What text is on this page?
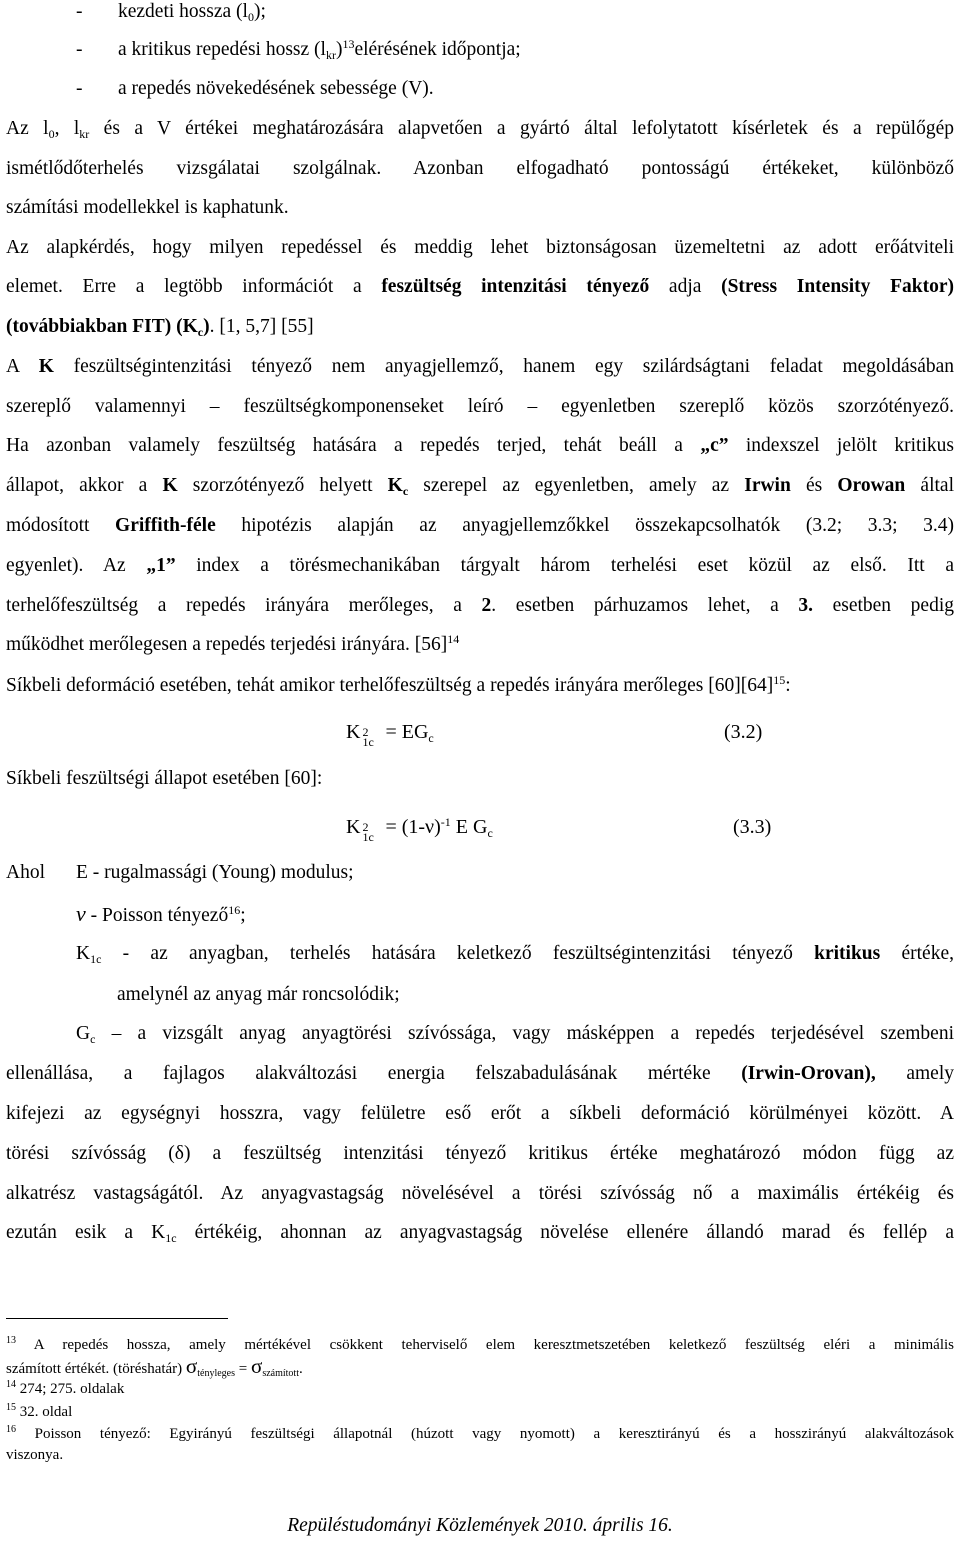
- kezdeti hossza $(l_0)$;
- a kritikus repedési hossz $(l_{kr})^{13}elérésének$ időpontja;
- a repedés növekedésének sebessége (V).
Az $l_0$, $l_{kr}$ és a V értékei meghatározására alapvetően a gyártó által lefolytatott kísérletek és a repülőgép
ismétlődőterhelés vizsgálatai szolgálnak. Azonban elfogadható pontosságú értékeket, különböző
számítási modellekkel is kaphatunk.
Az alapkérdés, hogy milyen repedéssel és meddig lehet biztonságosan üzemeltetni az adott erőátviteli
elemet. Erre a legtöbb információt a feszültség intenzitási tényező adja (Stress Intensity Faktor)
(továbbiakban FIT) $(K_c)$. [1, 5,7] [55]
A K feszültségintenzitási tényező nem anyagjellemző, hanem egy szilárdságtani feladat megoldásában
szereplő valamennyi – feszültségkomponenseket leíró – egyenletben szereplő közös szorzótényező.
Ha azonban valamely feszültség hatására a repedés terjed, tehát beáll a „c” indexszel jelölt kritikus
állapot, akkor a K szorzótényező helyett $K_c$ szerepel az egyenletben, amely az Irwin és Orowan által
módosított Griffith-féle hipotézis alapján az anyagjellemzőkkel összekapcsolhatók (3.2; 3.3; 3.4)
egyenlet). Az „1” index a törésmechanikában tárgyalt három terhelési eset közül az első. Itt a
terhelőfeszültség a repedés irányára merőleges, a 2. esetben párhuzamos lehet, a 3. esetben pedig
működhet merőlegesen a repedés terjedési irányára. $[56]^{14}$
Síkbeli deformáció esetében, tehát amikor terhelőfeszültség a repedés irányára merőleges $[60][64]^{15}$:
K 2
$1c = EG_c$	(3.2)
Síkbeli feszültségi állapot esetében [60]:
K 2
$1c = (1-\nu)^{-1}$ E $G_c$	(3.3)
Ahol E - rugalmassági (Young) modulus;
ν - Poisson tényező$^{16}$;
$K_{1c}$ - az anyagban, terhelés hatására keletkező feszültségintenzitási tényező kritikus értéke,
amelynél az anyag már roncsolódik;
$G_c$ – a vizsgált anyag anyagtörési szívóssága, vagy másképpen a repedés terjedésével szembeni
ellenállása, a fajlagos alakváltozási energia felszabadulásának mértéke (Irwin-Orovan), amely
kifejezi az egységnyi hosszra, vagy felületre eső erőt a síkbeli deformáció körülményei között. A
törési szívósság (δ) a feszültség intenzitási tényező kritikus értéke meghatározó módon függ az
alkatrész vastagságától. Az anyagvastagság növelésével a törési szívósság nő a maximális értékéig és
ezután esik a $K_{1c}$ értékéig, ahonnan az anyagvastagság növelése ellenére állandó marad és fellép a
$^{13}$ A repedés hossza, amely mértékével csökkent teherviselő elem keresztmetszetében keletkező feszültség eléri a minimális
számított értékét. (töréshatár) $\sigma_{tényleges} = \sigma_{számított}$.
$^{14}$ 274; 275. oldalak
$^{15}$ 32. oldal
$^{16}$ Poisson tényező: Egyirányú feszültségi állapotnál (húzott vagy nyomott) a keresztirányú és a hosszirányú alakváltozások
viszonya.
Repüléstudományi Közlemények 2010. április 16.
